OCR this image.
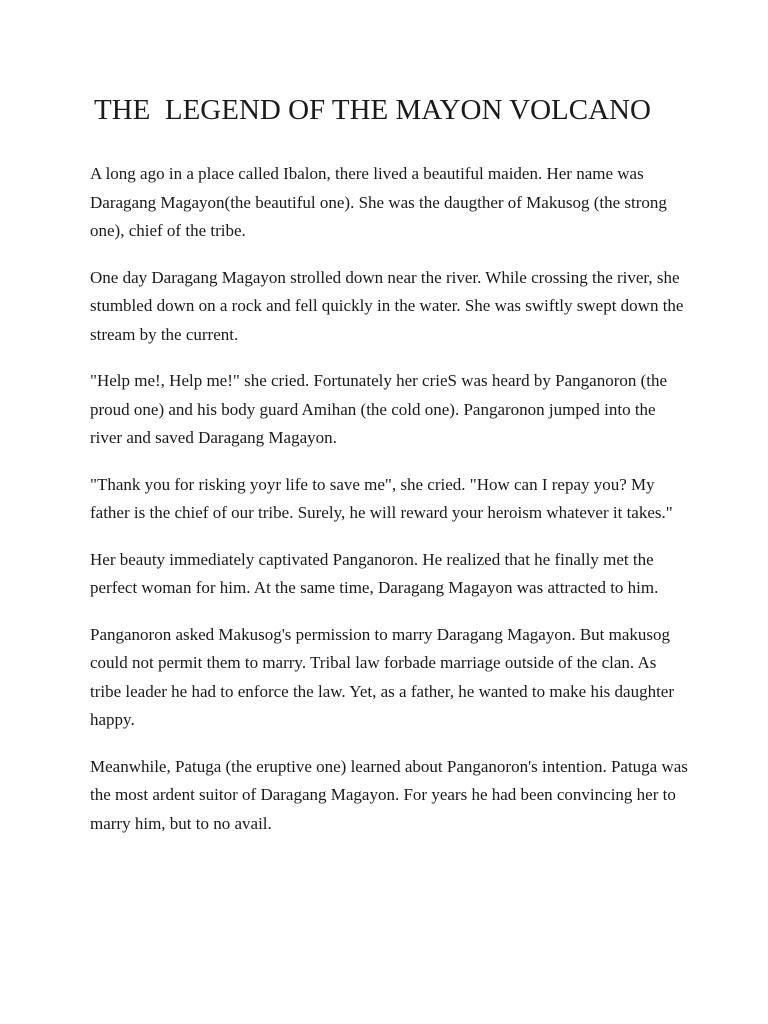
THE  LEGEND OF THE MAYON VOLCANO

A long ago in a place called Ibalon, there lived a beautiful maiden. Her name was Daragang Magayon(the beautiful one). She was the daugther of Makusog (the strong one), chief of the tribe.

One day Daragang Magayon strolled down near the river. While crossing the river, she stumbled down on a rock and fell quickly in the water. She was swiftly swept down the stream by the current.

"Help me!, Help me!" she cried. Fortunately her crieS was heard by Panganoron (the proud one) and his body guard Amihan (the cold one). Pangaronon jumped into the river and saved Daragang Magayon.

"Thank you for risking yoyr life to save me", she cried. "How can I repay you? My father is the chief of our tribe. Surely, he will reward your heroism whatever it takes."

Her beauty immediately captivated Panganoron. He realized that he finally met the perfect woman for him. At the same time, Daragang Magayon was attracted to him.

Panganoron asked Makusog's permission to marry Daragang Magayon. But makusog could not permit them to marry. Tribal law forbade marriage outside of the clan. As tribe leader he had to enforce the law. Yet, as a father, he wanted to make his daughter happy.

Meanwhile, Patuga (the eruptive one) learned about Panganoron's intention. Patuga was the most ardent suitor of Daragang Magayon. For years he had been convincing her to marry him, but to no avail.
